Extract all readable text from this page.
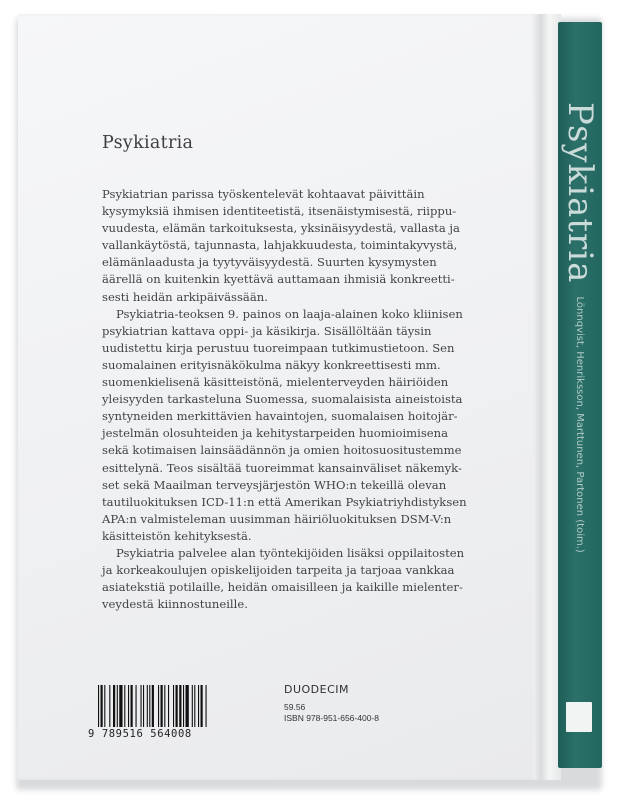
Psykiatria Lönnqvist, Henriksson, Marttunen, Partonen (toim.)
Psykiatria

Psykiatrian parissa työskentelevät kohtaavat päivittäin
kysymyksiä ihmisen identiteetistä, itsenäistymisestä, riippu-
vuudesta, elämän tarkoituksesta, yksinäisyydestä, vallasta ja
vallankäytöstä, tajunnasta, lahjakkuudesta, toimintakyvystä,
elämänlaadusta ja tyytyväisyydestä. Suurten kysymysten
äärellä on kuitenkin kyettävä auttamaan ihmisiä konkreetti-
sesti heidän arkipäivässään.

Psykiatria-teoksen 9. painos on laaja-alainen koko kliinisen
psykiatrian kattava oppi- ja käsikirja. Sisällöltään täysin
uudistettu kirja perustuu tuoreimpaan tutkimustietoon. Sen
suomalainen erityisnäkökulma näkyy konkreettisesti mm.
suomenkielisenä käsitteistönä, mielenterveyden häiriöiden
yleisyyden tarkasteluna Suomessa, suomalaisista aineistoista
syntyneiden merkittävien havaintojen, suomalaisen hoitojär-
jestelmän olosuhteiden ja kehitystarpeiden huomioimisena
sekä kotimaisen lainsäädännön ja omien hoitosuositustemme
esittelynä. Teos sisältää tuoreimmat kansainväliset näkemyk-
set sekä Maailman terveysjärjestön WHO:n tekeillä olevan
tautiluokituksen ICD-11:n että Amerikan Psykiatriyhdistyksen
APA:n valmisteleman uusimman häiriöluokituksen DSM-V:n
käsitteistön kehityksestä.

Psykiatria palvelee alan työntekijöiden lisäksi oppilaitosten
ja korkeakoulujen opiskelijoiden tarpeita ja tarjoaa vankkaa
asiatekstiä potilaille, heidän omaisilleen ja kaikille mielenter-
veydestä kiinnostuneille.

9 789516 564008
DUODECIM
59.56
ISBN 978-951-656-400-8
